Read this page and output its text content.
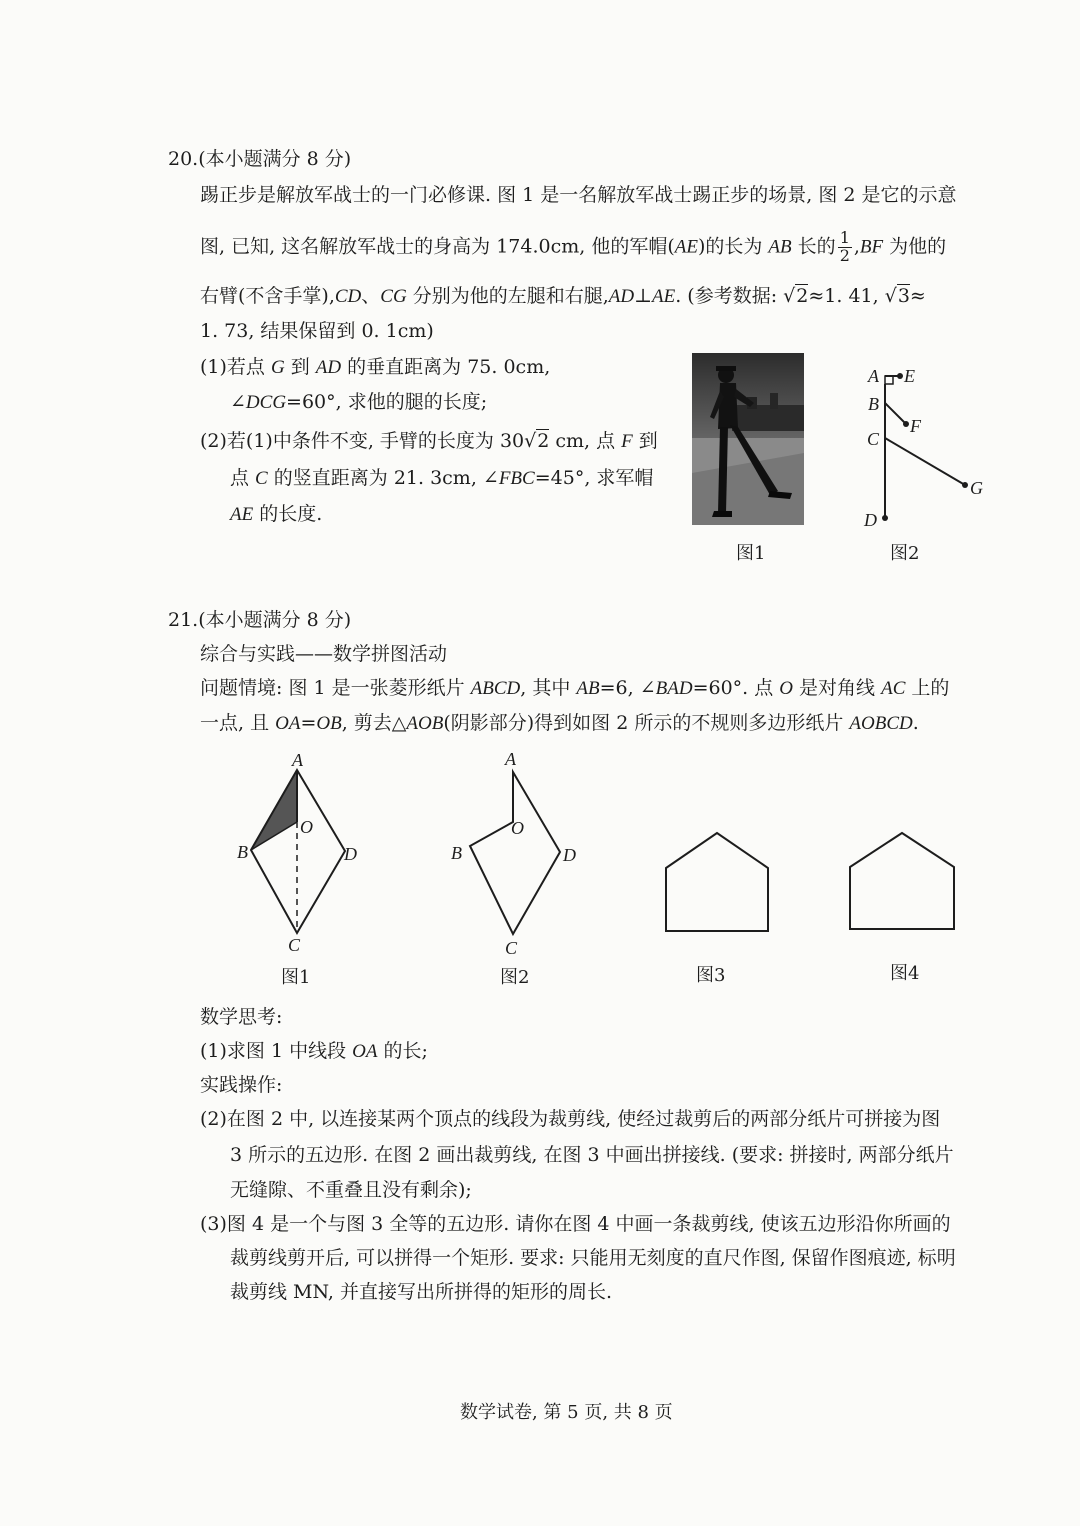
20.(本小题满分 8 分)
踢正步是解放军战士的一门必修课. 图 1 是一名解放军战士踢正步的场景, 图 2 是它的示意
图, 已知, 这名解放军战士的身高为 174.0cm, 他的军帽(AE)的长为 AB 长的 $\frac{1}{2} ,BF$ 为他的
右臂(不含手掌),CD、CG 分别为他的左腿和右腿,AD⊥AE. (参考数据: √2≈1. 41, √3≈
1. 73, 结果保留到 0. 1cm)
(1)若点 G 到 AD 的垂直距离为 75. 0cm,
∠DCG=60°, 求他的腿的长度;
(2)若(1)中条件不变, 手臂的长度为 30√2 cm, 点 F 到
点 C 的竖直距离为 21. 3cm, ∠FBC=45°, 求军帽
AE 的长度.
A E
B
F
C
G
D
图1	图2
A
O
B	D
C
图1
A
O
B	D
C
图2	图3	图4
21.(本小题满分 8 分)
综合与实践——数学拼图活动
问题情境: 图 1 是一张菱形纸片 ABCD, 其中 AB=6, ∠BAD=60°. 点 O 是对角线 AC 上的
一点, 且 OA=OB, 剪去△AOB(阴影部分)得到如图 2 所示的不规则多边形纸片 AOBCD.
数学思考:
(1)求图 1 中线段 OA 的长;
实践操作:
(2)在图 2 中, 以连接某两个顶点的线段为裁剪线, 使经过裁剪后的两部分纸片可拼接为图
3 所示的五边形. 在图 2 画出裁剪线, 在图 3 中画出拼接线. (要求: 拼接时, 两部分纸片
无缝隙、不重叠且没有剩余);
(3)图 4 是一个与图 3 全等的五边形. 请你在图 4 中画一条裁剪线, 使该五边形沿你所画的
裁剪线剪开后, 可以拼得一个矩形. 要求: 只能用无刻度的直尺作图, 保留作图痕迹, 标明
裁剪线 MN, 并直接写出所拼得的矩形的周长.
数学试卷, 第 5 页, 共 8 页
